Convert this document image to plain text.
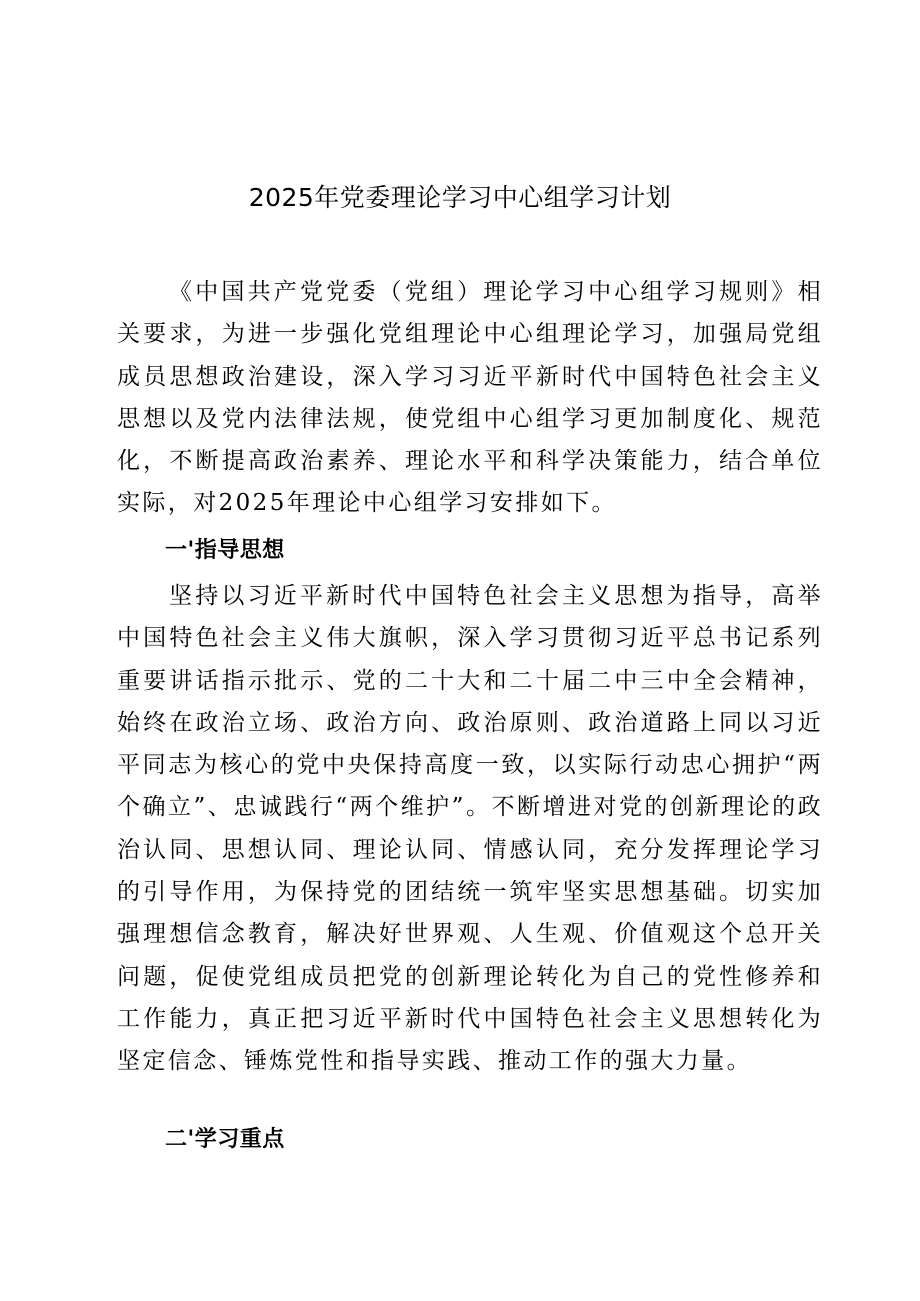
2025年党委理论学习中心组学习计划

《中国共产党党委（党组）理论学习中心组学习规则》相关要求，为进一步强化党组理论中心组理论学习，加强局党组成员思想政治建设，深入学习习近平新时代中国特色社会主义思想以及党内法律法规，使党组中心组学习更加制度化、规范化，不断提高政治素养、理论水平和科学决策能力，结合单位实际，对2025年理论中心组学习安排如下。

一'指导思想

坚持以习近平新时代中国特色社会主义思想为指导，高举中国特色社会主义伟大旗帜，深入学习贯彻习近平总书记系列重要讲话指示批示、党的二十大和二十届二中三中全会精神，始终在政治立场、政治方向、政治原则、政治道路上同以习近平同志为核心的党中央保持高度一致，以实际行动忠心拥护“两个确立”、忠诚践行“两个维护”。不断增进对党的创新理论的政治认同、思想认同、理论认同、情感认同，充分发挥理论学习的引导作用，为保持党的团结统一筑牢坚实思想基础。切实加强理想信念教育，解决好世界观、人生观、价值观这个总开关问题，促使党组成员把党的创新理论转化为自己的党性修养和工作能力，真正把习近平新时代中国特色社会主义思想转化为坚定信念、锤炼党性和指导实践、推动工作的强大力量。

二'学习重点
